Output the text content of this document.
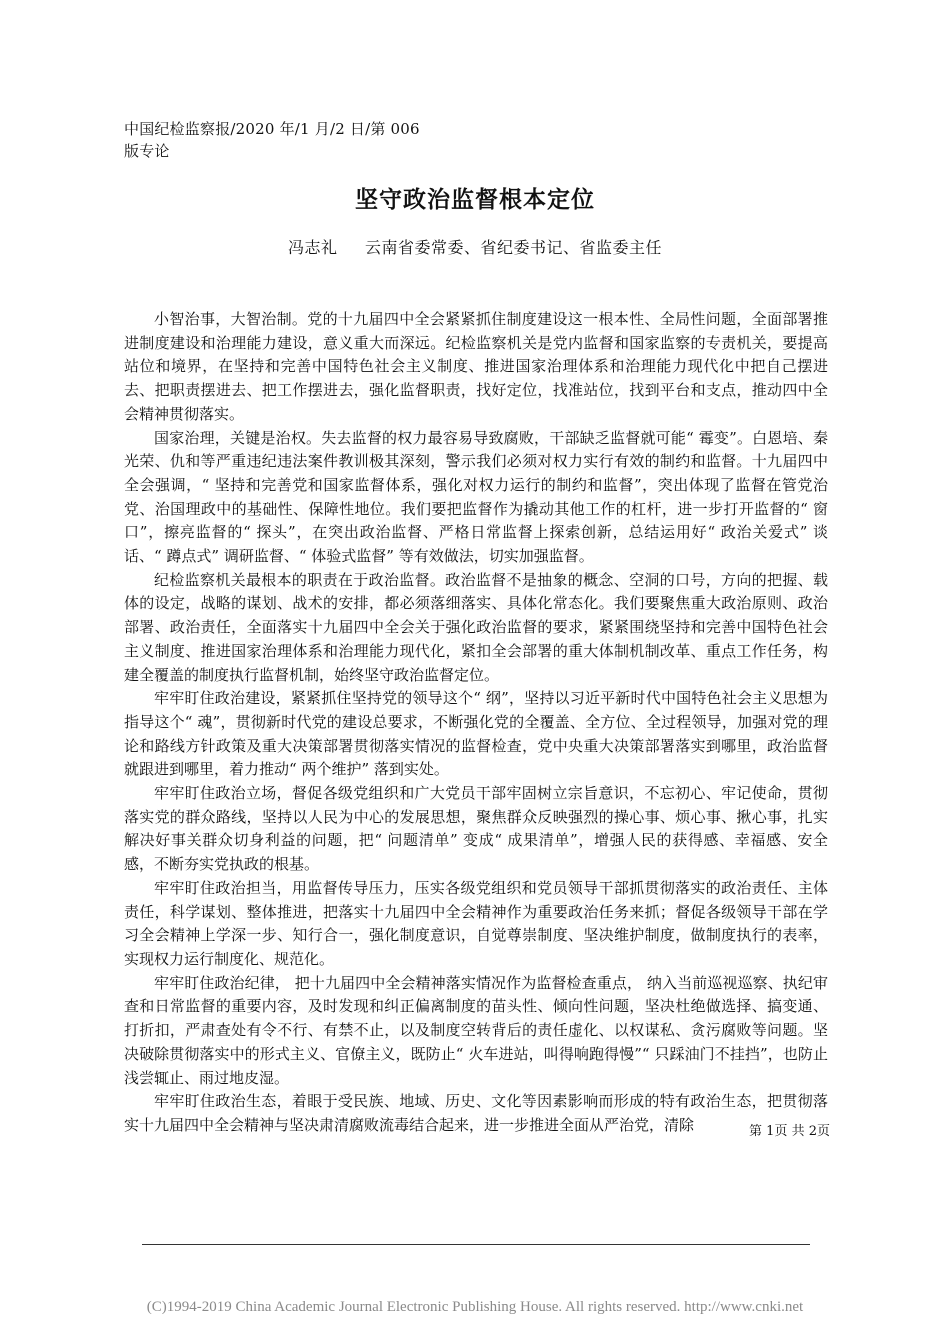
中国纪检监察报/2020 年/1 月/2 日/第 006
版专论
坚守政治监督根本定位
冯志礼 云南省委常委、省纪委书记、省监委主任

小智治事，大智治制。党的十九届四中全会紧紧抓住制度建设这一根本性、全局性问题，全面部署推进制度建设和治理能力建设，意义重大而深远。纪检监察机关是党内监督和国家监察的专责机关，要提高站位和境界，在坚持和完善中国特色社会主义制度、推进国家治理体系和治理能力现代化中把自己摆进去、把职责摆进去、把工作摆进去，强化监督职责，找好定位，找准站位，找到平台和支点，推动四中全会精神贯彻落实。

国家治理，关键是治权。失去监督的权力最容易导致腐败，干部缺乏监督就可能“ 霉变”。白恩培、秦光荣、仇和等严重违纪违法案件教训极其深刻，警示我们必须对权力实行有效的制约和监督。十九届四中全会强调，“ 坚持和完善党和国家监督体系，强化对权力运行的制约和监督”，突出体现了监督在管党治党、治国理政中的基础性、保障性地位。我们要把监督作为撬动其他工作的杠杆，进一步打开监督的“ 窗口”，擦亮监督的“ 探头”，在突出政治监督、严格日常监督上探索创新，总结运用好“ 政治关爱式” 谈话、“ 蹲点式” 调研监督、“ 体验式监督” 等有效做法，切实加强监督。

纪检监察机关最根本的职责在于政治监督。政治监督不是抽象的概念、空洞的口号，方向的把握、载体的设定，战略的谋划、战术的安排，都必须落细落实、具体化常态化。我们要聚焦重大政治原则、政治部署、政治责任，全面落实十九届四中全会关于强化政治监督的要求，紧紧围绕坚持和完善中国特色社会主义制度、推进国家治理体系和治理能力现代化，紧扣全会部署的重大体制机制改革、重点工作任务，构建全覆盖的制度执行监督机制，始终坚守政治监督定位。

牢牢盯住政治建设，紧紧抓住坚持党的领导这个“ 纲”，坚持以习近平新时代中国特色社会主义思想为指导这个“ 魂”，贯彻新时代党的建设总要求，不断强化党的全覆盖、全方位、全过程领导，加强对党的理论和路线方针政策及重大决策部署贯彻落实情况的监督检查，党中央重大决策部署落实到哪里，政治监督就跟进到哪里，着力推动“ 两个维护” 落到实处。

牢牢盯住政治立场，督促各级党组织和广大党员干部牢固树立宗旨意识，不忘初心、牢记使命，贯彻落实党的群众路线，坚持以人民为中心的发展思想，聚焦群众反映强烈的操心事、烦心事、揪心事，扎实解决好事关群众切身利益的问题，把“ 问题清单” 变成“ 成果清单”，增强人民的获得感、幸福感、安全感，不断夯实党执政的根基。

牢牢盯住政治担当，用监督传导压力，压实各级党组织和党员领导干部抓贯彻落实的政治责任、主体责任，科学谋划、整体推进，把落实十九届四中全会精神作为重要政治任务来抓；督促各级领导干部在学习全会精神上学深一步、知行合一，强化制度意识，自觉尊崇制度、坚决维护制度，做制度执行的表率，实现权力运行制度化、规范化。

牢牢盯住政治纪律， 把十九届四中全会精神落实情况作为监督检查重点， 纳入当前巡视巡察、执纪审查和日常监督的重要内容，及时发现和纠正偏离制度的苗头性、倾向性问题，坚决杜绝做选择、搞变通、打折扣，严肃查处有令不行、有禁不止，以及制度空转背后的责任虚化、以权谋私、贪污腐败等问题。坚决破除贯彻落实中的形式主义、官僚主义，既防止“ 火车进站，叫得响跑得慢”“ 只踩油门不挂挡”，也防止浅尝辄止、雨过地皮湿。

牢牢盯住政治生态，着眼于受民族、地域、历史、文化等因素影响而形成的特有政治生态，把贯彻落实十九届四中全会精神与坚决肃清腐败流毒结合起来，进一步推进全面从严治党，清除	第 1页 共 2页
(C)1994-2019 China Academic Journal Electronic Publishing House. All rights reserved. http://www.cnki.net
